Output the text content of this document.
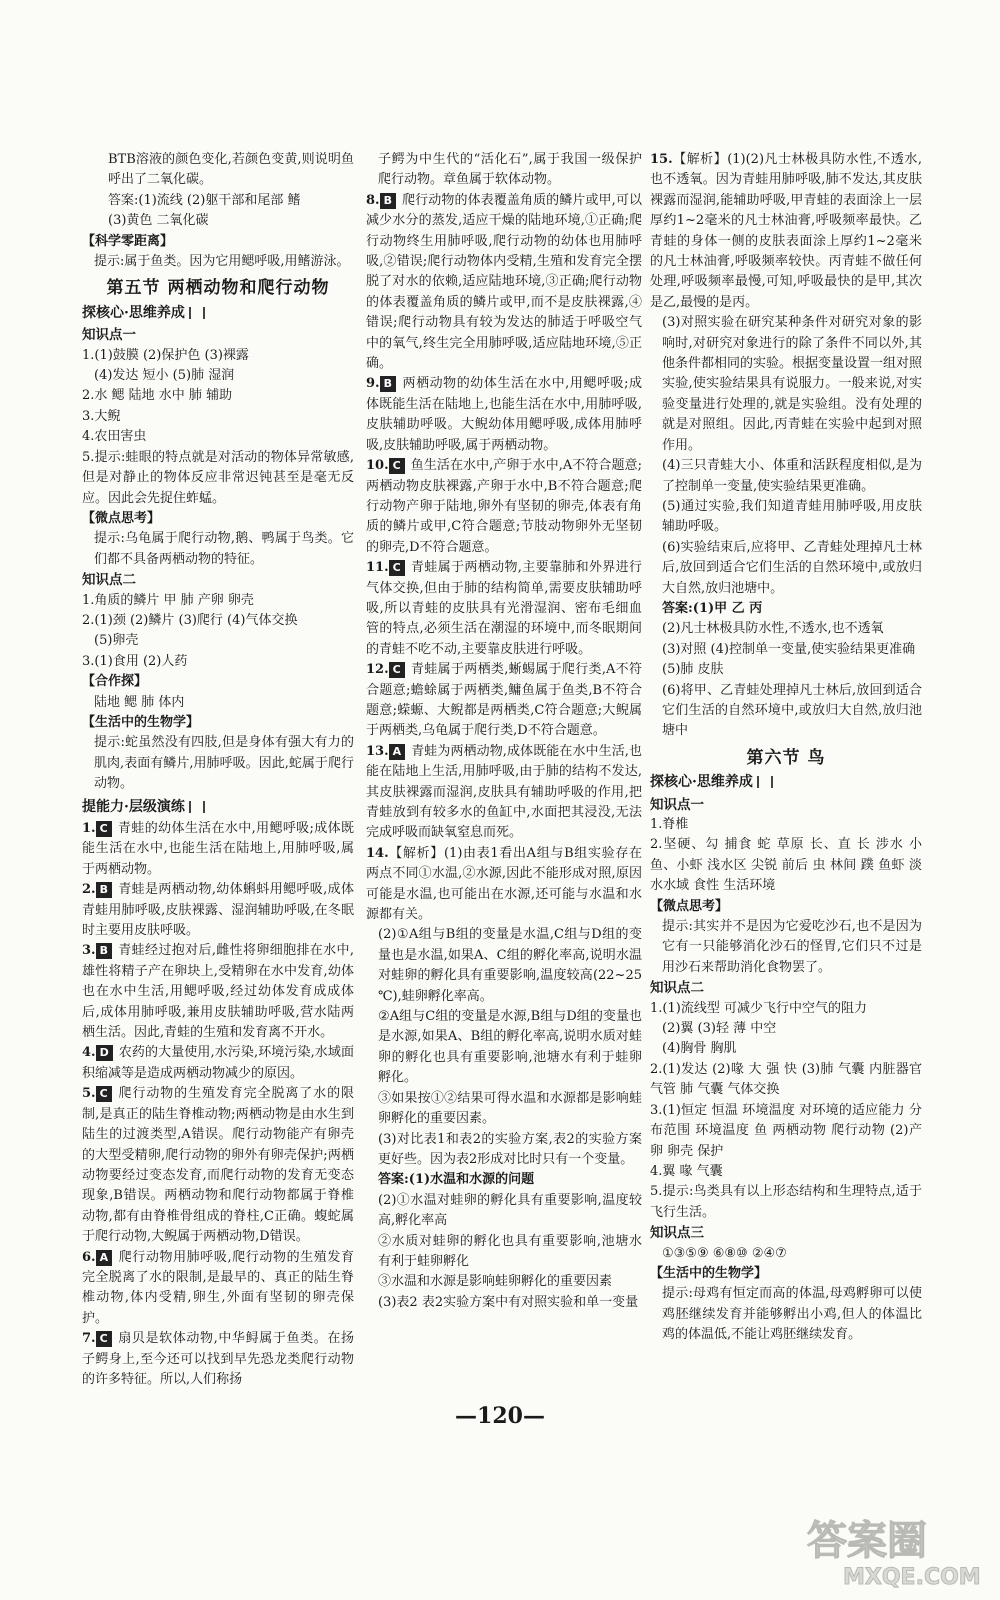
BTB溶液的颜色变化,若颜色变黄,则说明鱼呼出了二氧化碳。

答案:(1)流线 (2)躯干部和尾部 鳍

(3)黄色 二氧化碳

【科学零距离】

提示:属于鱼类。因为它用鳃呼吸,用鳍游泳。

第五节 两栖动物和爬行动物
探核心·思维养成

知识点一

1.(1)鼓膜 (2)保护色 (3)裸露

(4)发达 短小 (5)肺 湿润

2.水 鳃 陆地 水中 肺 辅助

3.大鲵

4.农田害虫

5.提示:蛙眼的特点就是对活动的物体异常敏感,但是对静止的物体反应非常迟钝甚至是毫无反应。因此会先捉住蚱蜢。

【微点思考】

提示:乌龟属于爬行动物,鹅、鸭属于鸟类。它们都不具备两栖动物的特征。

知识点二

1.角质的鳞片 甲 肺 产卵 卵壳

2.(1)颈 (2)鳞片 (3)爬行 (4)气体交换

(5)卵壳

3.(1)食用 (2)人药

【合作探】

陆地 鳃 肺 体内

【生活中的生物学】

提示:蛇虽然没有四肢,但是身体有强大有力的肌肉,表面有鳞片,用肺呼吸。因此,蛇属于爬行动物。

提能力·层级演练

1. C 青蛙的幼体生活在水中,用鳃呼吸;成体既能生活在水中,也能生活在陆地上,用肺呼吸,属于两栖动物。

2. B 青蛙是两栖动物,幼体蝌蚪用鳃呼吸,成体青蛙用肺呼吸,皮肤裸露、湿润辅助呼吸,在冬眠时主要用皮肤呼吸。

3. B 青蛙经过抱对后,雌性将卵细胞排在水中,雄性将精子产在卵块上,受精卵在水中发育,幼体也在水中生活,用鳃呼吸,经过幼体发育成成体后,成体用肺呼吸,兼用皮肤辅助呼吸,营水陆两栖生活。因此,青蛙的生殖和发育离不开水。

4. D 农药的大量使用,水污染,环境污染,水域面积缩减等是造成两栖动物减少的原因。

5. C 爬行动物的生殖发育完全脱离了水的限制,是真正的陆生脊椎动物;两栖动物是由水生到陆生的过渡类型,A错误。爬行动物能产有卵壳的大型受精卵,爬行动物的卵外有卵壳保护;两栖动物要经过变态发育,而爬行动物的发育无变态现象,B错误。两栖动物和爬行动物都属于脊椎动物,都有由脊椎骨组成的脊柱,C正确。蝮蛇属于爬行动物,大鲵属于两栖动物,D错误。

6. A 爬行动物用肺呼吸,爬行动物的生殖发育完全脱离了水的限制,是最早的、真正的陆生脊椎动物,体内受精,卵生,外面有坚韧的卵壳保护。

7. C 扇贝是软体动物,中华鲟属于鱼类。在扬子鳄身上,至今还可以找到早先恐龙类爬行动物的许多特征。所以,人们称扬

子鳄为中生代的“活化石”,属于我国一级保护爬行动物。章鱼属于软体动物。

8. B 爬行动物的体表覆盖角质的鳞片或甲,可以减少水分的蒸发,适应干燥的陆地环境,①正确;爬行动物终生用肺呼吸,爬行动物的幼体也用肺呼吸,②错误;爬行动物体内受精,生殖和发育完全摆脱了对水的依赖,适应陆地环境,③正确;爬行动物的体表覆盖角质的鳞片或甲,而不是皮肤裸露,④错误;爬行动物具有较为发达的肺适于呼吸空气中的氧气,终生完全用肺呼吸,适应陆地环境,⑤正确。

9. B 两栖动物的幼体生活在水中,用鳃呼吸;成体既能生活在陆地上,也能生活在水中,用肺呼吸,皮肤辅助呼吸。大鲵幼体用鳃呼吸,成体用肺呼吸,皮肤辅助呼吸,属于两栖动物。

10. C 鱼生活在水中,产卵于水中,A不符合题意;两栖动物皮肤裸露,产卵于水中,B不符合题意;爬行动物产卵于陆地,卵外有坚韧的卵壳,体表有角质的鳞片或甲,C符合题意;节肢动物卵外无坚韧的卵壳,D不符合题意。

11. C 青蛙属于两栖动物,主要靠肺和外界进行气体交换,但由于肺的结构简单,需要皮肤辅助呼吸,所以青蛙的皮肤具有光滑湿润、密布毛细血管的特点,必须生活在潮湿的环境中,而冬眠期间的青蛙不吃不动,主要靠皮肤进行呼吸。

12. C 青蛙属于两栖类,蜥蜴属于爬行类,A不符合题意;蟾蜍属于两栖类,鳙鱼属于鱼类,B不符合题意;蝾螈、大鲵都是两栖类,C符合题意;大鲵属于两栖类,乌龟属于爬行类,D不符合题意。

13. A 青蛙为两栖动物,成体既能在水中生活,也能在陆地上生活,用肺呼吸,由于肺的结构不发达,其皮肤裸露而湿润,皮肤具有辅助呼吸的作用,把青蛙放到有较多水的鱼缸中,水面把其浸没,无法完成呼吸而缺氧窒息而死。

14.【解析】(1)由表1看出A组与B组实验存在两点不同①水温,②水源,因此不能形成对照,原因可能是水温,也可能出在水源,还可能与水温和水源都有关。

(2)①A组与B组的变量是水温,C组与D组的变量也是水温,如果A、C组的孵化率高,说明水温对蛙卵的孵化具有重要影响,温度较高(22~25 ℃),蛙卵孵化率高。

②A组与C组的变量是水源,B组与D组的变量也是水源,如果A、B组的孵化率高,说明水质对蛙卵的孵化也具有重要影响,池塘水有利于蛙卵孵化。

③如果按①②结果可得水温和水源都是影响蛙卵孵化的重要因素。

(3)对比表1和表2的实验方案,表2的实验方案更好些。因为表2形成对比时只有一个变量。

答案:(1)水温和水源的问题

(2)①水温对蛙卵的孵化具有重要影响,温度较高,孵化率高

②水质对蛙卵的孵化也具有重要影响,池塘水有利于蛙卵孵化

③水温和水源是影响蛙卵孵化的重要因素

(3)表2 表2实验方案中有对照实验和单一变量

15.【解析】(1)(2)凡士林极具防水性,不透水,也不透氧。因为青蛙用肺呼吸,肺不发达,其皮肤裸露而湿润,能辅助呼吸,甲青蛙的表面涂上一层厚约1~2毫米的凡士林油膏,呼吸频率最快。乙青蛙的身体一侧的皮肤表面涂上厚约1~2毫米的凡士林油膏,呼吸频率较快。丙青蛙不做任何处理,呼吸频率最慢,可知,呼吸最快的是甲,其次是乙,最慢的是丙。

(3)对照实验在研究某种条件对研究对象的影响时,对研究对象进行的除了条件不同以外,其他条件都相同的实验。根据变量设置一组对照实验,使实验结果具有说服力。一般来说,对实验变量进行处理的,就是实验组。没有处理的就是对照组。因此,丙青蛙在实验中起到对照作用。

(4)三只青蛙大小、体重和活跃程度相似,是为了控制单一变量,使实验结果更准确。

(5)通过实验,我们知道青蛙用肺呼吸,用皮肤辅助呼吸。

(6)实验结束后,应将甲、乙青蛙处理掉凡士林后,放回到适合它们生活的自然环境中,或放归大自然,放归池塘中。

答案:(1)甲 乙 丙

(2)凡士林极具防水性,不透水,也不透氧

(3)对照 (4)控制单一变量,使实验结果更准确

(5)肺 皮肤

(6)将甲、乙青蛙处理掉凡士林后,放回到适合它们生活的自然环境中,或放归大自然,放归池塘中

第六节 鸟
探核心·思维养成

知识点一

1.脊椎

2.坚硬、勾 捕食 蛇 草原 长、直 长 涉水 小鱼、小虾 浅水区 尖锐 前后 虫 林间 蹼 鱼虾 淡水水域 食性 生活环境

【微点思考】

提示:其实并不是因为它爱吃沙石,也不是因为它有一只能够消化沙石的怪胃,它们只不过是用沙石来帮助消化食物罢了。

知识点二

1.(1)流线型 可减少飞行中空气的阻力

(2)翼 (3)轻 薄 中空

(4)胸骨 胸肌

2.(1)发达 (2)喙 大 强 快 (3)肺 气囊 内脏器官 气管 肺 气囊 气体交换

3.(1)恒定 恒温 环境温度 对环境的适应能力 分布范围 环境温度 鱼 两栖动物 爬行动物 (2)产卵 卵壳 保护

4.翼 喙 气囊

5.提示:鸟类具有以上形态结构和生理特点,适于飞行生活。

知识点三

①③⑤⑨ ⑥⑧⑩ ②④⑦

【生活中的生物学】

提示:母鸡有恒定而高的体温,母鸡孵卵可以使鸡胚继续发育并能够孵出小鸡,但人的体温比鸡的体温低,不能让鸡胚继续发育。

—120—
答案圈
MXQE.COM
